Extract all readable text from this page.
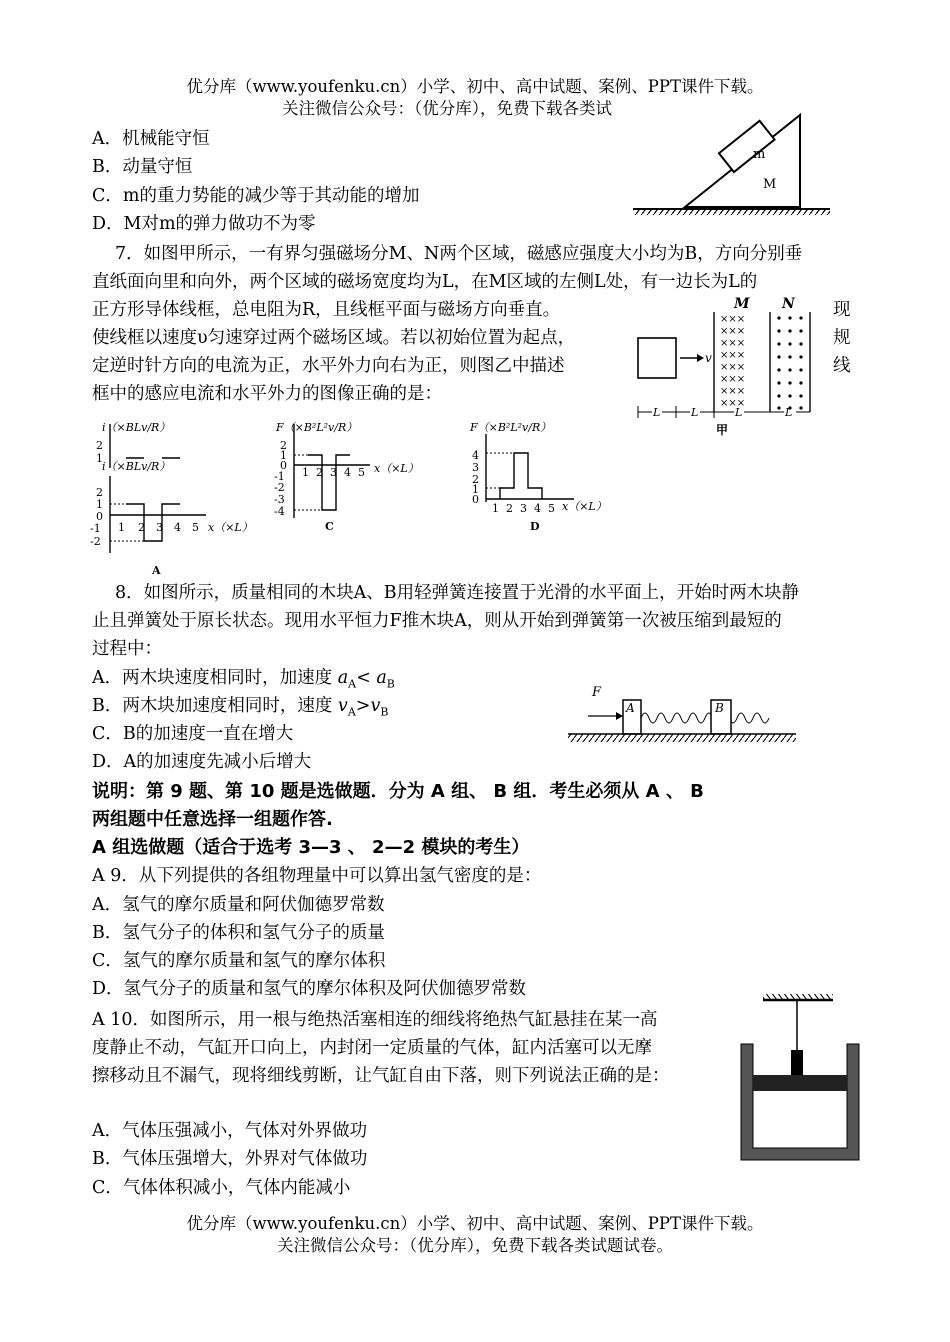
优分库（www.youfenku.cn）小学、初中、高中试题、案例、PPT课件下载。
关注微信公众号：（优分库），免费下载各类试
A．机械能守恒
B．动量守恒
C．m的重力势能的减少等于其动能的增加
D．M对m的弹力做功不为零
m
M
7．如图甲所示，一有界匀强磁场分M、N两个区域，磁感应强度大小均为B，方向分别垂
直纸面向里和向外，两个区域的磁场宽度均为L，在M区域的左侧L处，有一边长为L的
正方形导体线框，总电阻为R，且线框平面与磁场方向垂直。
使线框以速度υ匀速穿过两个磁场区域。若以初始位置为起点，
定逆时针方向的电流为正，水平外力向右为正，则图乙中描述
框中的感应电流和水平外力的图像正确的是：
现
规
线
M N
×××
×××
×××
×××
×××
×××
×××
×××
v
L	L	L	L
甲
i（×BLv/R）
i（×BLv/R）
2
1
2
1
0
-1
-2
1 2 3 4 5 x（×L）
A
F（×B²L²v/R）
2
1
0
-1
-2
-3
-4
1 2 3 4 5 x（×L）
C
F（×B²L²v/R）
4
3
2
1
0
1 2 3 4 5 x（×L）
D
8．如图所示，质量相同的木块A、B用轻弹簧连接置于光滑的水平面上，开始时两木块静
止且弹簧处于原长状态。现用水平恒力F推木块A，则从开始到弹簧第一次被压缩到最短的
过程中：
A．两木块速度相同时，加速度 $a_A< a_B$
B．两木块加速度相同时，速度 $v_A>v_B$
C．B的加速度一直在增大
D．A的加速度先减小后增大
F
A	B
说明：第 9 题、第 10 题是选做题．分为 A 组、 B 组．考生必须从 A 、 B
两组题中任意选择一组题作答.
A 组选做题（适合于选考 3—3 、 2—2 模块的考生）
A 9．从下列提供的各组物理量中可以算出氢气密度的是：
A．氢气的摩尔质量和阿伏伽德罗常数
B．氢气分子的体积和氢气分子的质量
C．氢气的摩尔质量和氢气的摩尔体积
D．氢气分子的质量和氢气的摩尔体积及阿伏伽德罗常数
A 10．如图所示，用一根与绝热活塞相连的细线将绝热气缸悬挂在某一高
度静止不动，气缸开口向上，内封闭一定质量的气体，缸内活塞可以无摩
擦移动且不漏气，现将细线剪断，让气缸自由下落，则下列说法正确的是：
A．气体压强减小，气体对外界做功
B．气体压强增大，外界对气体做功
C．气体体积减小，气体内能减小
优分库（www.youfenku.cn）小学、初中、高中试题、案例、PPT课件下载。
关注微信公众号：（优分库），免费下载各类试题试卷。
